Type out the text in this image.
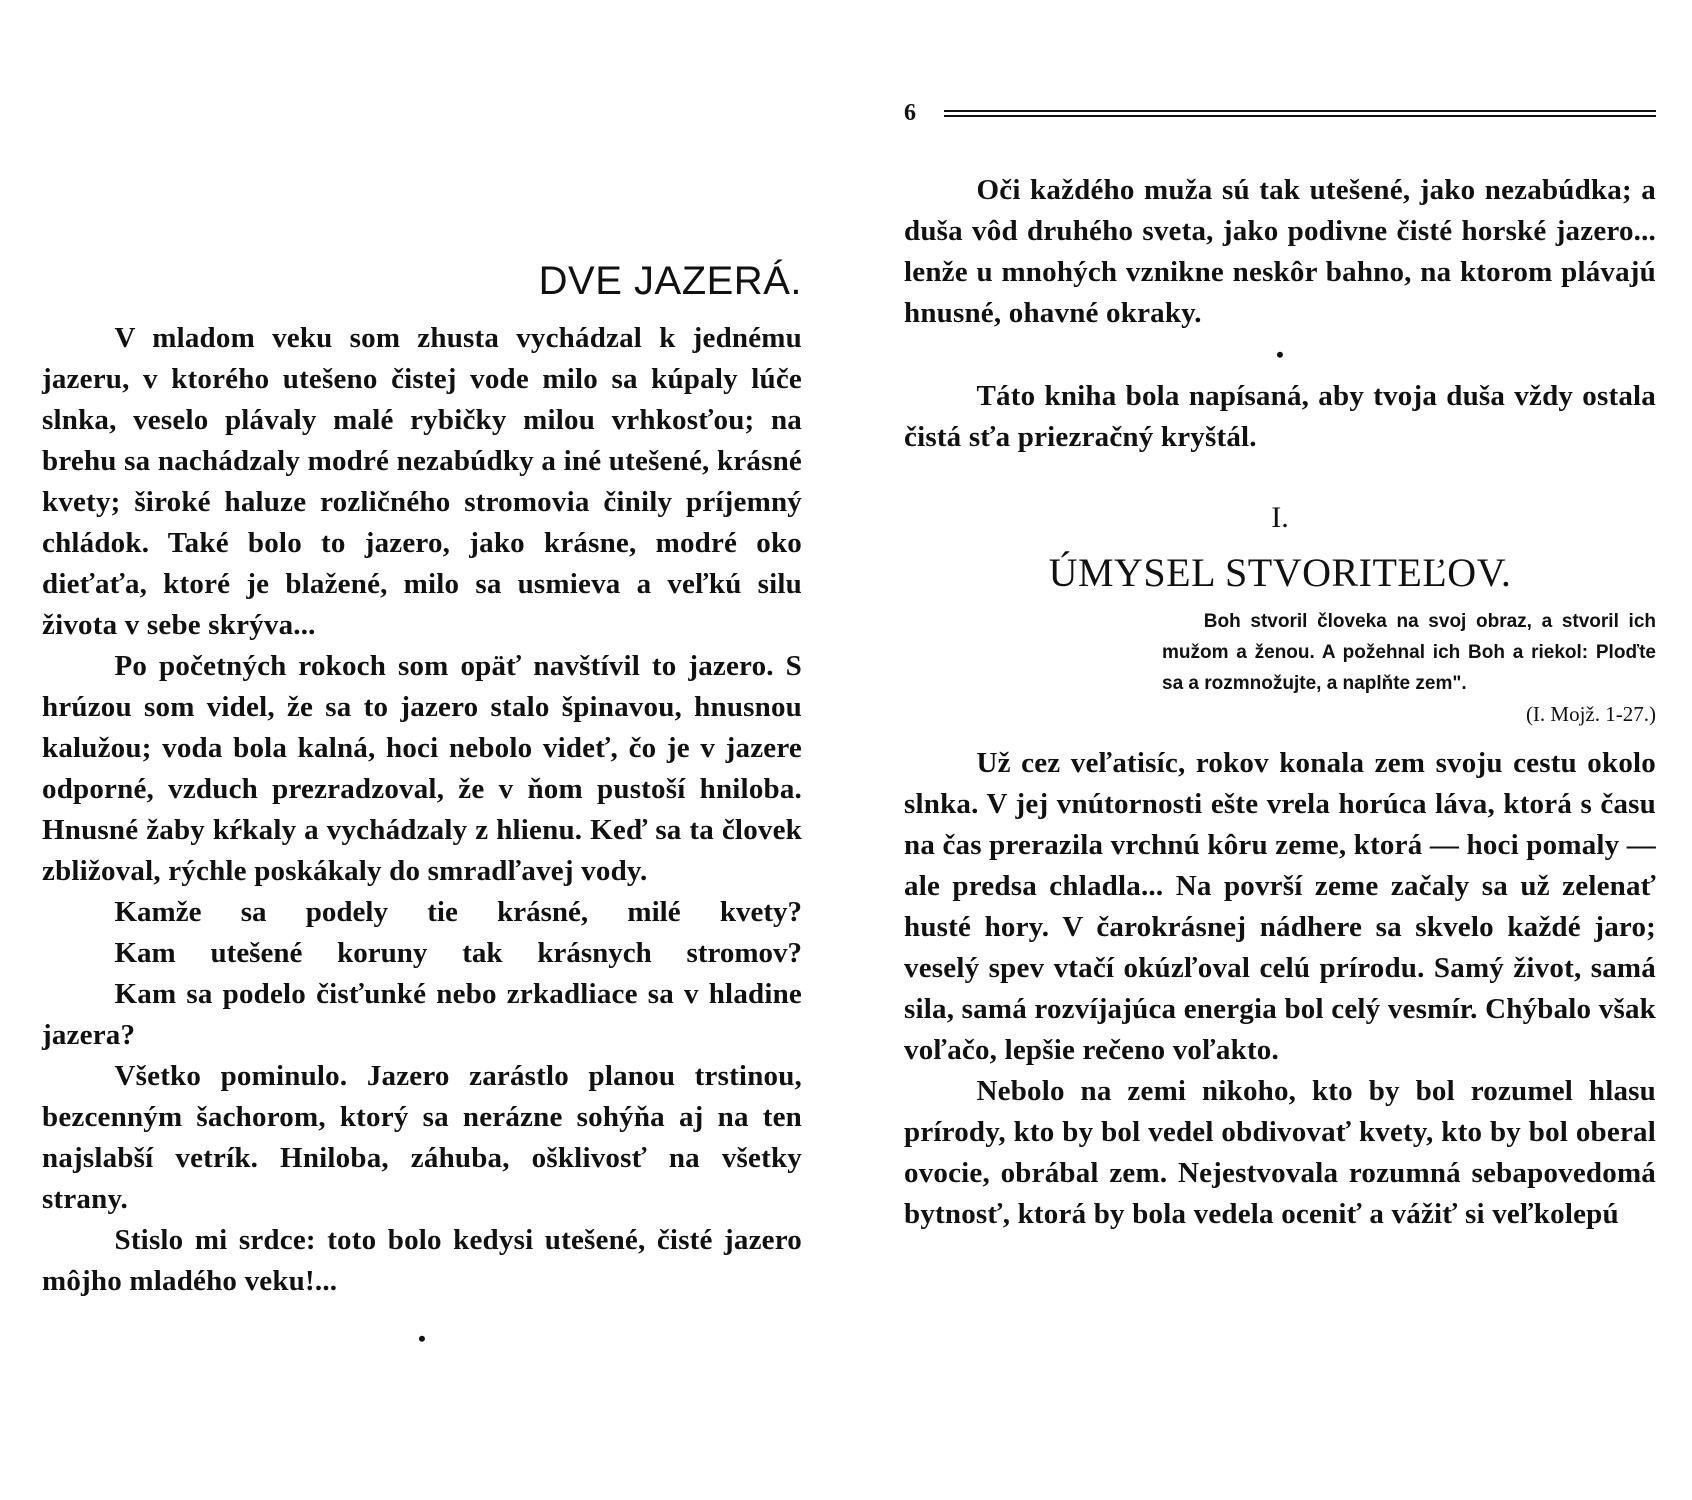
DVE JAZERÁ.

V mladom veku som zhusta vychádzal k jednému jazeru, v ktorého utešeno čistej vode milo sa kúpaly lúče slnka, veselo plávaly malé rybičky milou vrhkosťou; na brehu sa nachádzaly modré nezabúdky a iné utešené, krásné kvety; široké haluze rozličného stromovia činily príjemný chládok. Také bolo to jazero, jako krásne, modré oko dieťaťa, ktoré je blažené, milo sa usmieva a veľkú silu života v sebe skrýva...

Po početných rokoch som opäť navštívil to jazero. S hrúzou som videl, že sa to jazero stalo špinavou, hnusnou kalužou; voda bola kalná, hoci nebolo videť, čo je v jazere odporné, vzduch prezradzoval, že v ňom pustoší hniloba. Hnusné žaby kŕkaly a vychádzaly z hlienu. Keď sa ta človek zbližoval, rýchle poskákaly do smradľavej vody.

Kamže sa podely tie krásné, milé kvety?
Kam utešené koruny tak krásnych stromov?

Kam sa podelo čisťunké nebo zrkadliace sa v hladine jazera?

Všetko pominulo. Jazero zarástlo planou trstinou, bezcenným šachorom, ktorý sa nerázne sohýňa aj na ten najslabší vetrík. Hniloba, záhuba, ošklivosť na všetky strany.

Stislo mi srdce: toto bolo kedysi utešené, čisté jazero môjho mladého veku!...

•
6

Oči každého muža sú tak utešené, jako nezabúdka; a duša vôd druhého sveta, jako podivne čisté horské jazero... lenže u mnohých vznikne neskôr bahno, na ktorom plávajú hnusné, ohavné okraky.

•

Táto kniha bola napísaná, aby tvoja duša vždy ostala čistá sťa priezračný kryštál.

I.
ÚMYSEL STVORITEĽOV.
Boh stvoril človeka na svoj obraz, a stvoril ich mužom a ženou. A požehnal ich Boh a riekol: Ploďte sa a rozmnožujte, a naplňte zem".
(I. Mojž. 1-27.)

Už cez veľatisíc, rokov konala zem svoju cestu okolo slnka. V jej vnútornosti ešte vrela horúca láva, ktorá s času na čas prerazila vrchnú kôru zeme, ktorá — hoci pomaly — ale predsa chladla... Na površí zeme začaly sa už zelenať husté hory. V čarokrásnej nádhere sa skvelo každé jaro; veselý spev vtačí okúzľoval celú prírodu. Samý život, samá sila, samá rozvíjajúca energia bol celý vesmír. Chýbalo však voľačo, lepšie rečeno voľakto.

Nebolo na zemi nikoho, kto by bol rozumel hlasu prírody, kto by bol vedel obdivovať kvety, kto by bol oberal ovocie, obrábal zem. Nejestvovala rozumná sebapovedomá bytnosť, ktorá by bola vedela oceniť a vážiť si veľkolepú
